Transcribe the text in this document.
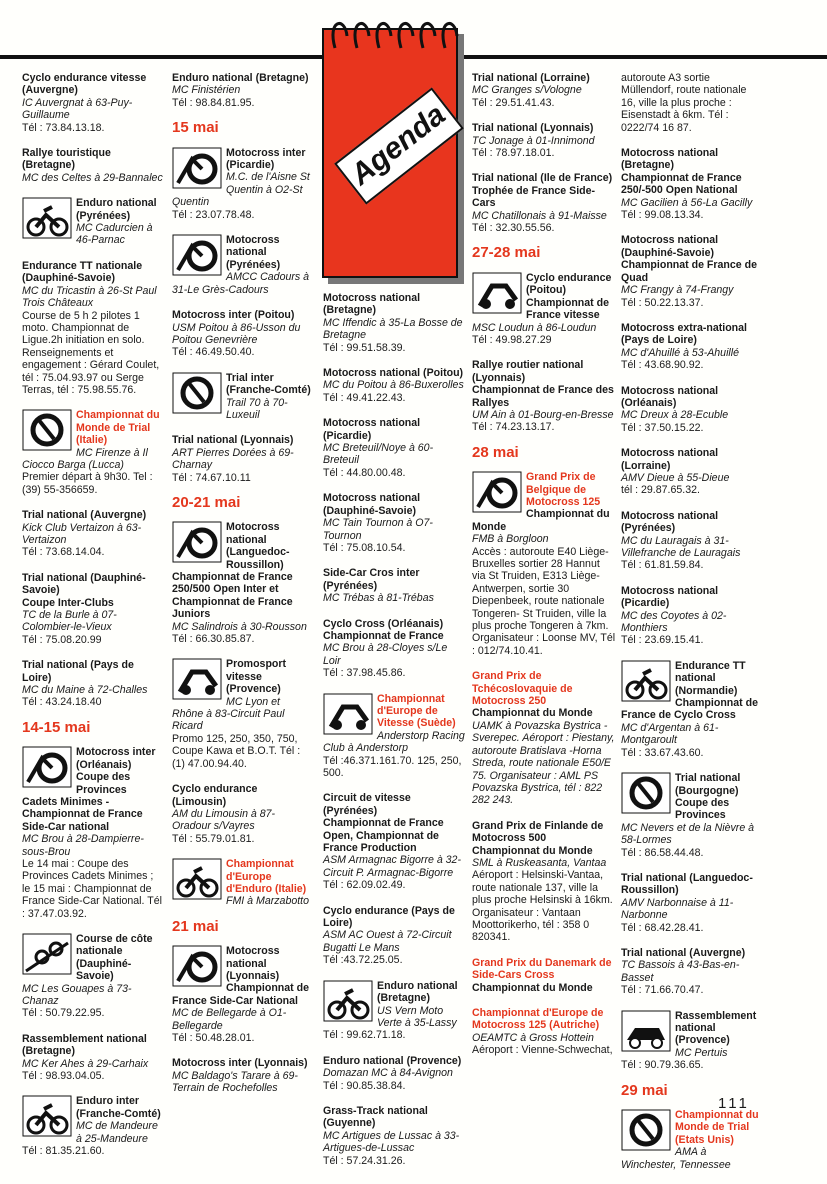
Agenda
Cyclo endurance vitesse (Auvergne)
IC Auvergnat à 63-Puy-Guillaume
Tél : 73.84.13.18.
Rallye touristique (Bretagne)
MC des Celtes à 29-Bannalec
Enduro national (Pyrénées)
MC Cadurcien à 46-Parnac
Endurance TT nationale (Dauphiné-Savoie)
MC du Tricastin à 26-St Paul Trois Châteaux
Course de 5 h 2 pilotes 1 moto. Championnat de Ligue.2h initiation en solo. Renseignements et engagement : Gérard Coulet, tél : 75.04.93.97 ou Serge Terras, tél : 75.98.55.76.
Championnat du Monde de Trial (Italie)
MC Firenze à Il Ciocco Barga (Lucca)
Premier départ à 9h30. Tel : (39) 55-356659.
Trial national (Auvergne)
Kick Club Vertaizon à 63-Vertaizon
Tél : 73.68.14.04.
Trial national (Dauphiné-Savoie)
Coupe Inter-Clubs
TC de la Burle à 07-Colombier-le-Vieux
Tél : 75.08.20.99
Trial national (Pays de Loire)
MC du Maine à 72-Challes
Tél : 43.24.18.40
14-15 mai
Motocross inter (Orléanais)
Coupe des Provinces Cadets Minimes - Championnat de France Side-Car national
MC Brou à 28-Dampierre-sous-Brou
Le 14 mai : Coupe des Provinces Cadets Minimes ; le 15 mai : Championnat de France Side-Car National. Tél : 37.47.03.92.
Course de côte nationale (Dauphiné-Savoie)
MC Les Gouapes à 73-Chanaz
Tél : 50.79.22.95.
Rassemblement national (Bretagne)
MC Ker Ahes à 29-Carhaix
Tél : 98.93.04.05.
Enduro inter (Franche-Comté)
MC de Mandeure à 25-Mandeure
Tél : 81.35.21.60.
Enduro national (Bretagne)
MC Finistérien
Tél : 98.84.81.95.
15 mai
Motocross inter (Picardie)
M.C. de l'Aisne St Quentin à O2-St Quentin
Tél : 23.07.78.48.
Motocross national (Pyrénées)
AMCC Cadours à 31-Le Grès-Cadours
Motocross inter (Poitou)
USM Poitou à 86-Usson du Poitou Genevrière
Tél : 46.49.50.40.
Trial inter (Franche-Comté)
Trail 70 à 70-Luxeuil
Trial national (Lyonnais)
ART Pierres Dorées à 69-Charnay
Tél : 74.67.10.11
20-21 mai
Motocross national (Languedoc-Roussillon)
Championnat de France 250/500 Open Inter et Championnat de France Juniors
MC Salindrois à 30-Rousson
Tél : 66.30.85.87.
Promosport vitesse (Provence)
MC Lyon et Rhône à 83-Circuit Paul Ricard
Promo 125, 250, 350, 750, Coupe Kawa et B.O.T. Tél : (1) 47.00.94.40.
Cyclo endurance (Limousin)
AM du Limousin à 87-Oradour s/Vayres
Tél : 55.79.01.81.
Championnat d'Europe d'Enduro (Italie)
FMI à Marzabotto
21 mai
Motocross national (Lyonnais)
Championnat de France Side-Car National
MC de Bellegarde à O1-Bellegarde
Tél : 50.48.28.01.
Motocross inter (Lyonnais)
MC Baldago's Tarare à 69-Terrain de Rochefolles
Motocross national (Bretagne)
MC Iffendic à 35-La Bosse de Bretagne
Tél : 99.51.58.39.
Motocross national (Poitou)
MC du Poitou à 86-Buxerolles
Tél : 49.41.22.43.
Motocross national (Picardie)
MC Breteuil/Noye à 60-Breteuil
Tél : 44.80.00.48.
Motocross national (Dauphiné-Savoie)
MC Tain Tournon à O7-Tournon
Tél : 75.08.10.54.
Side-Car Cros inter (Pyrénées)
MC Trébas à 81-Trébas
Cyclo Cross (Orléanais)
Championnat de France
MC Brou à 28-Cloyes s/Le Loir
Tél : 37.98.45.86.
Championnat d'Europe de Vitesse (Suède)
Anderstorp Racing Club à Anderstorp
Tél :46.371.161.70. 125, 250, 500.
Circuit de vitesse (Pyrénées)
Championnat de France Open, Championnat de France Production
ASM Armagnac Bigorre à 32-Circuit P. Armagnac-Bigorre
Tél : 62.09.02.49.
Cyclo endurance (Pays de Loire)
ASM AC Ouest à 72-Circuit Bugatti Le Mans
Tél :43.72.25.05.
Enduro national (Bretagne)
US Vern Moto Verte à 35-Lassy
Tél : 99.62.71.18.
Enduro national (Provence)
Domazan MC à 84-Avignon
Tél : 90.85.38.84.
Grass-Track national (Guyenne)
MC Artigues de Lussac à 33-Artigues-de-Lussac
Tél : 57.24.31.26.
Trial national (Lorraine)
MC Granges s/Vologne
Tél : 29.51.41.43.
Trial national (Lyonnais)
TC Jonage à 01-Innimond
Tél : 78.97.18.01.
Trial national (Ile de France)
Trophée de France Side-Cars
MC Chatillonais à 91-Maisse
Tél : 32.30.55.56.
27-28 mai
Cyclo endurance (Poitou)
Championnat de France vitesse
MSC Loudun à 86-Loudun
Tél : 49.98.27.29
Rallye routier national (Lyonnais)
Championnat de France des Rallyes
UM Ain à 01-Bourg-en-Bresse
Tél : 74.23.13.17.
28 mai
Grand Prix de Belgique de Motocross 125
Championnat du Monde
FMB à Borgloon
Accès : autoroute E40 Liège-Bruxelles sortier 28 Hannut via St Truiden, E313 Liège-Antwerpen, sortie 30 Diepenbeek, route nationale Tongeren- St Truiden, ville la plus proche Tongeren à 7km. Organisateur : Loonse MV, Tél : 012/74.10.41.
Grand Prix de Tchécoslovaquie de Motocross 250
Championnat du Monde
UAMK à Povazska Bystrica - Sverepec. Aéroport : Piestany, autoroute Bratislava -Horna Streda, route nationale E50/E 75. Organisateur : AML PS Povazska Bystrica, tél : 822 282 243.
Grand Prix de Finlande de Motocross 500
Championnat du Monde
SML à Ruskeasanta, Vantaa
Aéroport : Helsinski-Vantaa, route nationale 137, ville la plus proche Helsinski à 16km. Organisateur : Vantaan Moottorikerho, tél : 358 0 820341.
Grand Prix du Danemark de Side-Cars Cross
Championnat du Monde
Championnat d'Europe de Motocross 125 (Autriche)
OEAMTC à Gross Hottein
Aéroport : Vienne-Schwechat,
autoroute A3 sortie Müllendorf, route nationale 16, ville la plus proche : Eisenstadt à 6km. Tél : 0222/74 16 87.
Motocross national (Bretagne)
Championnat de France 250/-500 Open National
MC Gacilien à 56-La Gacilly
Tél : 99.08.13.34.
Motocross national (Dauphiné-Savoie)
Championnat de France de Quad
MC Frangy à 74-Frangy
Tél : 50.22.13.37.
Motocross extra-national (Pays de Loire)
MC d'Ahuillé à 53-Ahuillé
Tél : 43.68.90.92.
Motocross national (Orléanais)
MC Dreux à 28-Ecuble
Tél : 37.50.15.22.
Motocross national (Lorraine)
AMV Dieue à 55-Dieue
tél : 29.87.65.32.
Motocross national (Pyrénées)
MC du Lauragais à 31-Villefranche de Lauragais
Tél : 61.81.59.84.
Motocross national (Picardie)
MC des Coyotes à 02-Monthiers
Tél : 23.69.15.41.
Endurance TT national (Normandie)
Championnat de France de Cyclo Cross
MC d'Argentan à 61-Montgaroult
Tél : 33.67.43.60.
Trial national (Bourgogne)
Coupe des Provinces
MC Nevers et de la Nièvre à 58-Lormes
Tél : 86.58.44.48.
Trial national (Languedoc-Roussillon)
AMV Narbonnaise à 11-Narbonne
Tél : 68.42.28.41.
Trial national (Auvergne)
TC Bassois à 43-Bas-en-Basset
Tél : 71.66.70.47.
Rassemblement national (Provence)
MC Pertuis
Tél : 90.79.36.65.
29 mai
Championnat du Monde de Trial (Etats Unis)
AMA à Winchester, Tennessee
111
